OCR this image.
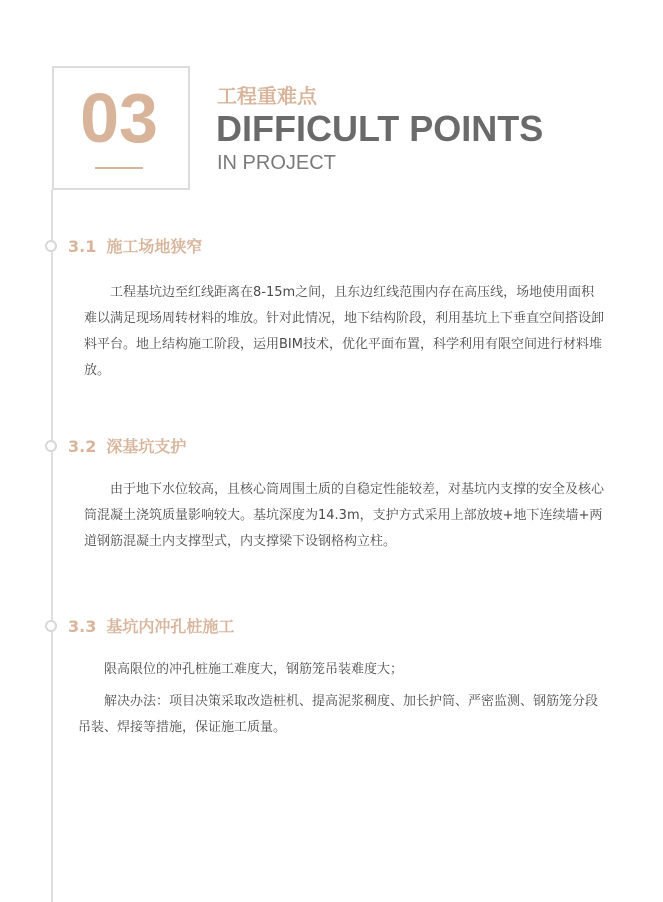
03	工程重难点
DIFFICULT POINTS
IN PROJECT
3.1 施工场地狭窄

工程基坑边至红线距离在8-15m之间，且东边红线范围内存在高压线，场地使用面积难以满足现场周转材料的堆放。针对此情况，地下结构阶段，利用基坑上下垂直空间搭设卸料平台。地上结构施工阶段，运用BIM技术，优化平面布置，科学利用有限空间进行材料堆放。

3.2 深基坑支护

由于地下水位较高，且核心筒周围土质的自稳定性能较差，对基坑内支撑的安全及核心筒混凝土浇筑质量影响较大。基坑深度为14.3m，支护方式采用上部放坡+地下连续墙+两道钢筋混凝土内支撑型式，内支撑梁下设钢格构立柱。

3.3 基坑内冲孔桩施工

限高限位的冲孔桩施工难度大，钢筋笼吊装难度大；

解决办法：项目决策采取改造桩机、提高泥浆稠度、加长护筒、严密监测、钢筋笼分段吊装、焊接等措施，保证施工质量。
